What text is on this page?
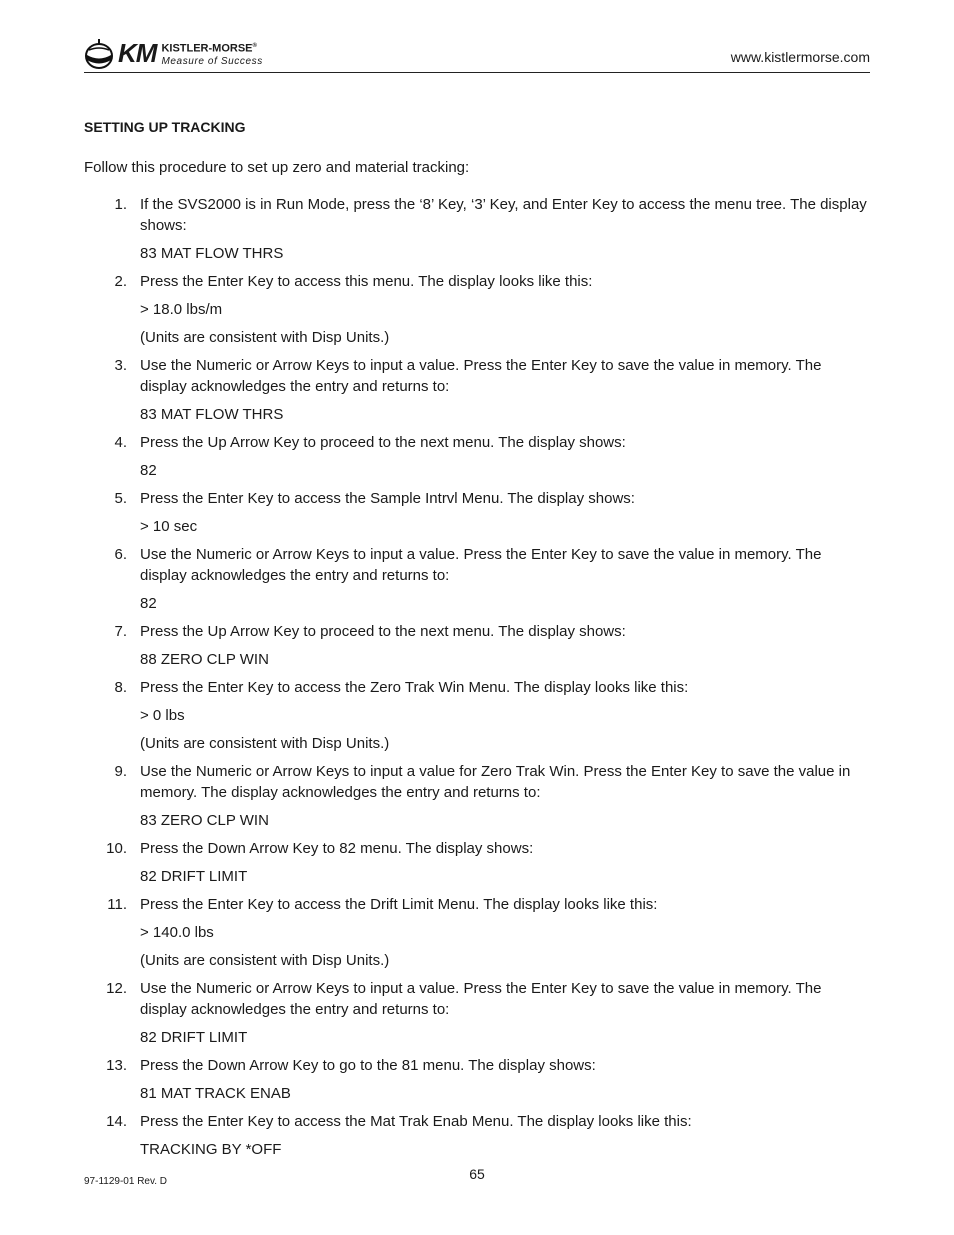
KM KISTLER-MORSE®
Measure of Success	www.kistlermorse.com
SETTING UP TRACKING
Follow this procedure to set up zero and material tracking:
1. If the SVS2000 is in Run Mode, press the ‘8’ Key, ‘3’ Key, and Enter Key to access the menu tree. The display shows:
83 MAT FLOW THRS
2. Press the Enter Key to access this menu. The display looks like this:
> 18.0 lbs/m
(Units are consistent with Disp Units.)
3. Use the Numeric or Arrow Keys to input a value. Press the Enter Key to save the value in memory. The display acknowledges the entry and returns to:
83 MAT FLOW THRS
4. Press the Up Arrow Key to proceed to the next menu. The display shows:
82
5. Press the Enter Key to access the Sample Intrvl Menu. The display shows:
> 10 sec
6. Use the Numeric or Arrow Keys to input a value. Press the Enter Key to save the value in memory. The display acknowledges the entry and returns to:
82
7. Press the Up Arrow Key to proceed to the next menu. The display shows:
88 ZERO CLP WIN
8. Press the Enter Key to access the Zero Trak Win Menu. The display looks like this:
> 0 lbs
(Units are consistent with Disp Units.)
9. Use the Numeric or Arrow Keys to input a value for Zero Trak Win. Press the Enter Key to save the value in memory. The display acknowledges the entry and returns to:
83 ZERO CLP WIN
10. Press the Down Arrow Key to 82 menu. The display shows:
82 DRIFT LIMIT
11. Press the Enter Key to access the Drift Limit Menu. The display looks like this:
> 140.0 lbs
(Units are consistent with Disp Units.)
12. Use the Numeric or Arrow Keys to input a value. Press the Enter Key to save the value in memory. The display acknowledges the entry and returns to:
82 DRIFT LIMIT
13. Press the Down Arrow Key to go to the 81 menu. The display shows:
81 MAT TRACK ENAB
14. Press the Enter Key to access the Mat Trak Enab Menu. The display looks like this:
TRACKING BY *OFF
65
97-1129-01 Rev. D
